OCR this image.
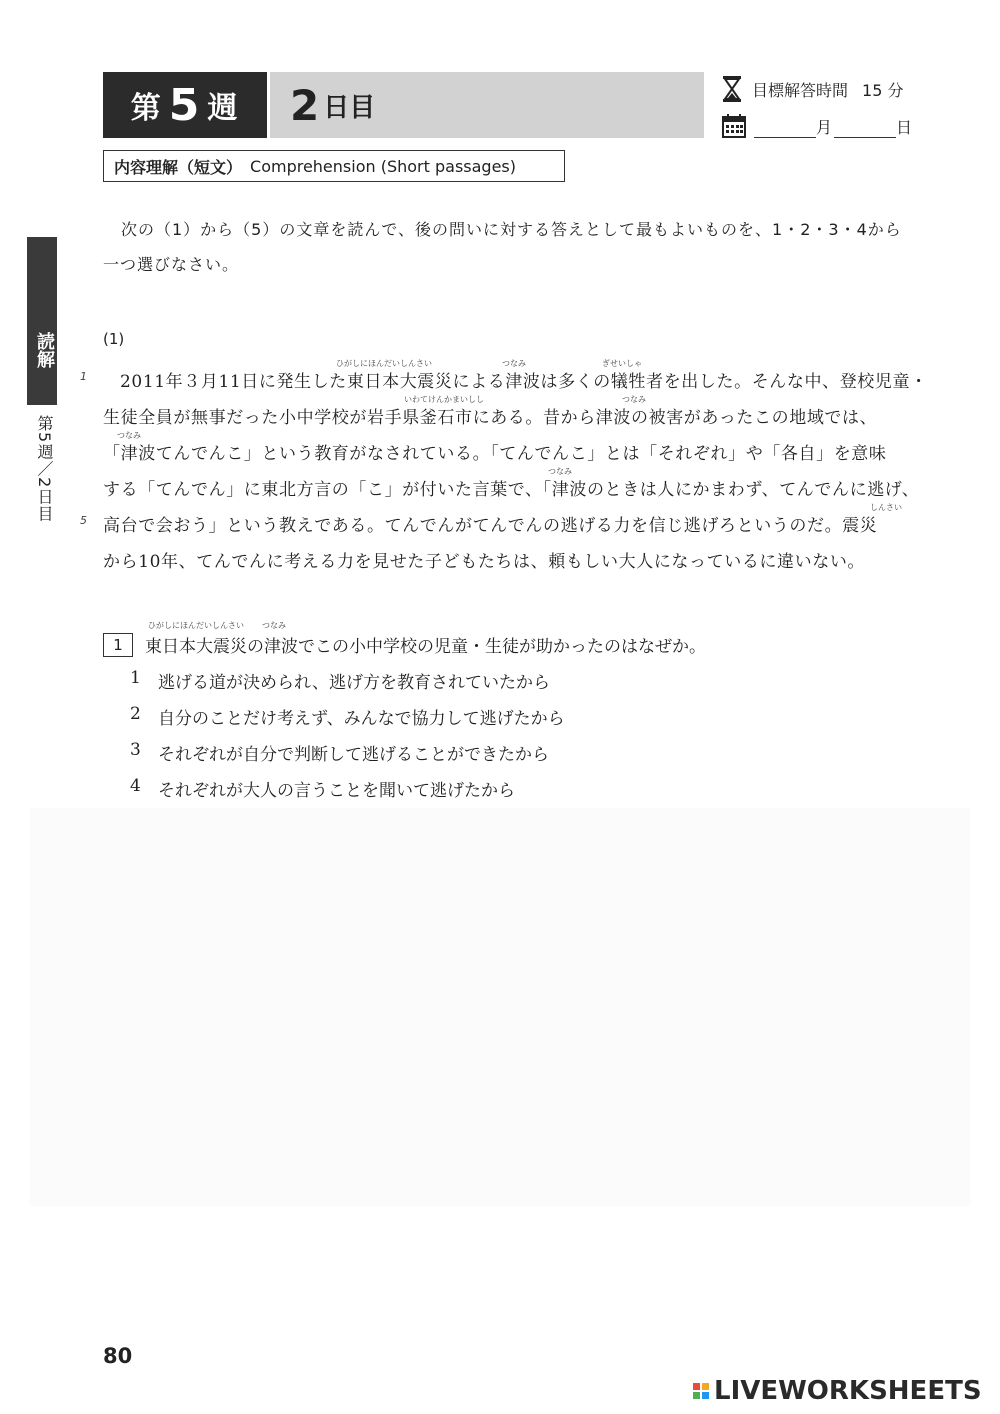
第 5 週 2 日目
目標解答時間 15 分
月	日
内容理解（短文） Comprehension (Short passages)
次の（1）から（5）の文章を読んで、後の問いに対する答えとして最もよいものを、1・2・3・4から一つ選びなさい。
読解
第5週／2日目
(1)
1
5
ひがしにほんだいしんさい	つなみ	ぎせいしゃ
いわてけんかまいしし	つなみ
つなみ
つなみ
しんさい
2011年３月11日に発生した東日本大震災による津波は多くの犠牲者を出した。そんな中、登校児童・
生徒全員が無事だった小中学校が岩手県釜石市にある。昔から津波の被害があったこの地域では、
「津波てんでんこ」という教育がなされている。「てんでんこ」とは「それぞれ」や「各自」を意味
する「てんでん」に東北方言の「こ」が付いた言葉で、「津波のときは人にかまわず、てんでんに逃げ、
高台で会おう」という教えである。てんでんがてんでんの逃げる力を信じ逃げろというのだ。震災
から10年、てんでんに考える力を見せた子どもたちは、頼もしい大人になっているに違いない。
ひがしにほんだいしんさい つなみ
1	東日本大震災の津波でこの小中学校の児童・生徒が助かったのはなぜか。
1	逃げる道が決められ、逃げ方を教育されていたから
2	自分のことだけ考えず、みんなで協力して逃げたから
3	それぞれが自分で判断して逃げることができたから
4	それぞれが大人の言うことを聞いて逃げたから
80
LIVEWORKSHEETS
